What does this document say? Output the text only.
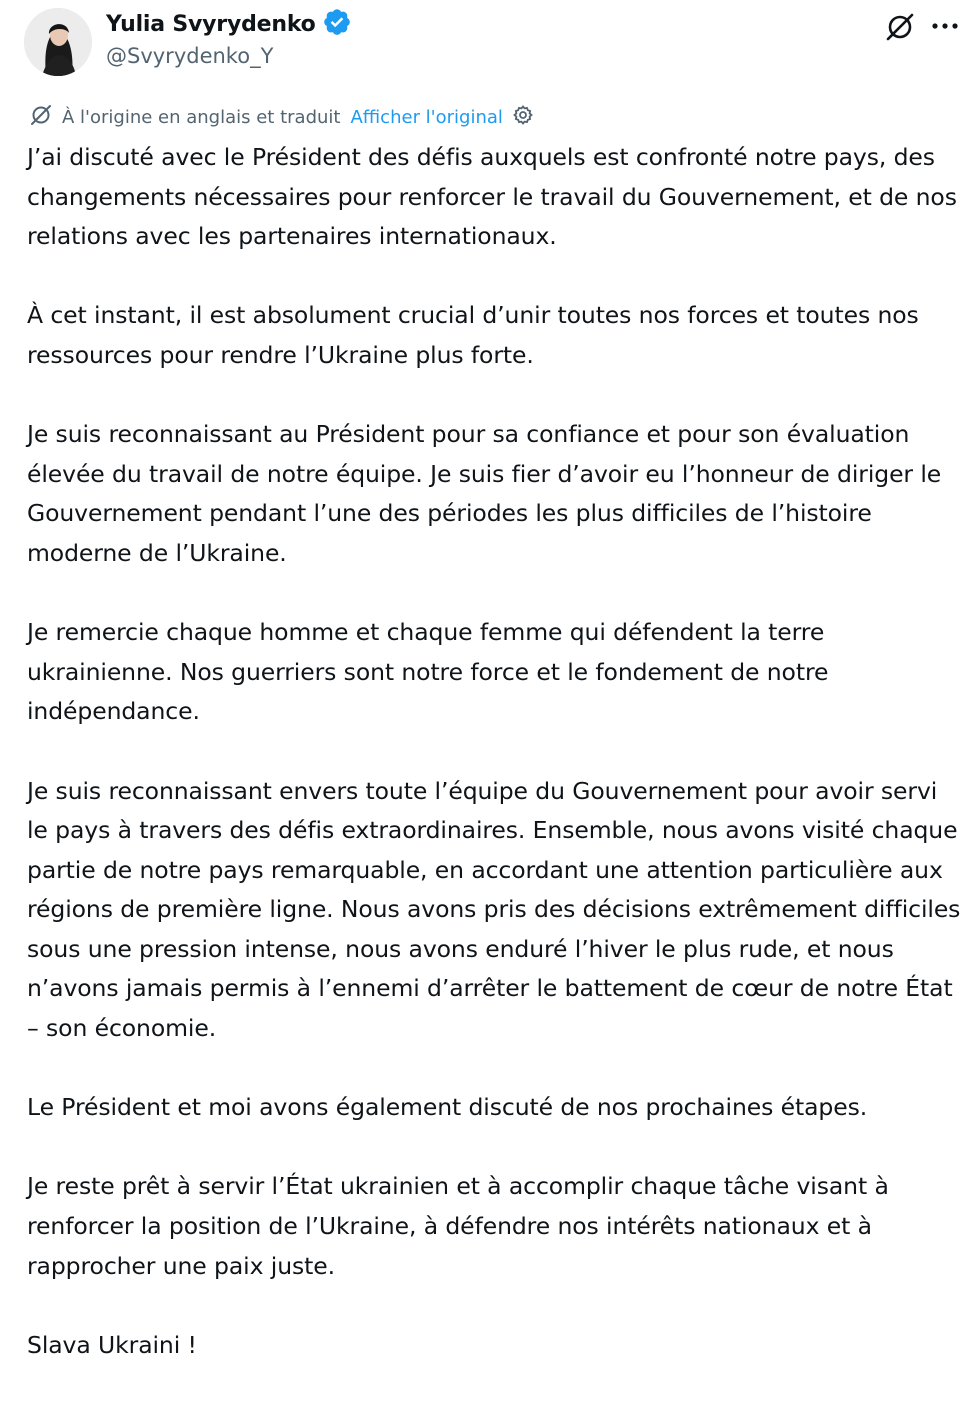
Yulia Svyrydenko
@Svyrydenko_Y
À l'origine en anglais et traduit Afficher l'original

J’ai discuté avec le Président des défis auxquels est confronté notre pays, des changements nécessaires pour renforcer le travail du Gouvernement, et de nos relations avec les partenaires internationaux.

À cet instant, il est absolument crucial d’unir toutes nos forces et toutes nos ressources pour rendre l’Ukraine plus forte.

Je suis reconnaissant au Président pour sa confiance et pour son évaluation élevée du travail de notre équipe. Je suis fier d’avoir eu l’honneur de diriger le Gouvernement pendant l’une des périodes les plus difficiles de l’histoire moderne de l’Ukraine.

Je remercie chaque homme et chaque femme qui défendent la terre ukrainienne. Nos guerriers sont notre force et le fondement de notre indépendance.

Je suis reconnaissant envers toute l’équipe du Gouvernement pour avoir servi le pays à travers des défis extraordinaires. Ensemble, nous avons visité chaque partie de notre pays remarquable, en accordant une attention particulière aux régions de première ligne. Nous avons pris des décisions extrêmement difficiles sous une pression intense, nous avons enduré l’hiver le plus rude, et nous n’avons jamais permis à l’ennemi d’arrêter le battement de cœur de notre État – son économie.

Le Président et moi avons également discuté de nos prochaines étapes.

Je reste prêt à servir l’État ukrainien et à accomplir chaque tâche visant à renforcer la position de l’Ukraine, à défendre nos intérêts nationaux et à rapprocher une paix juste.

Slava Ukraini !
